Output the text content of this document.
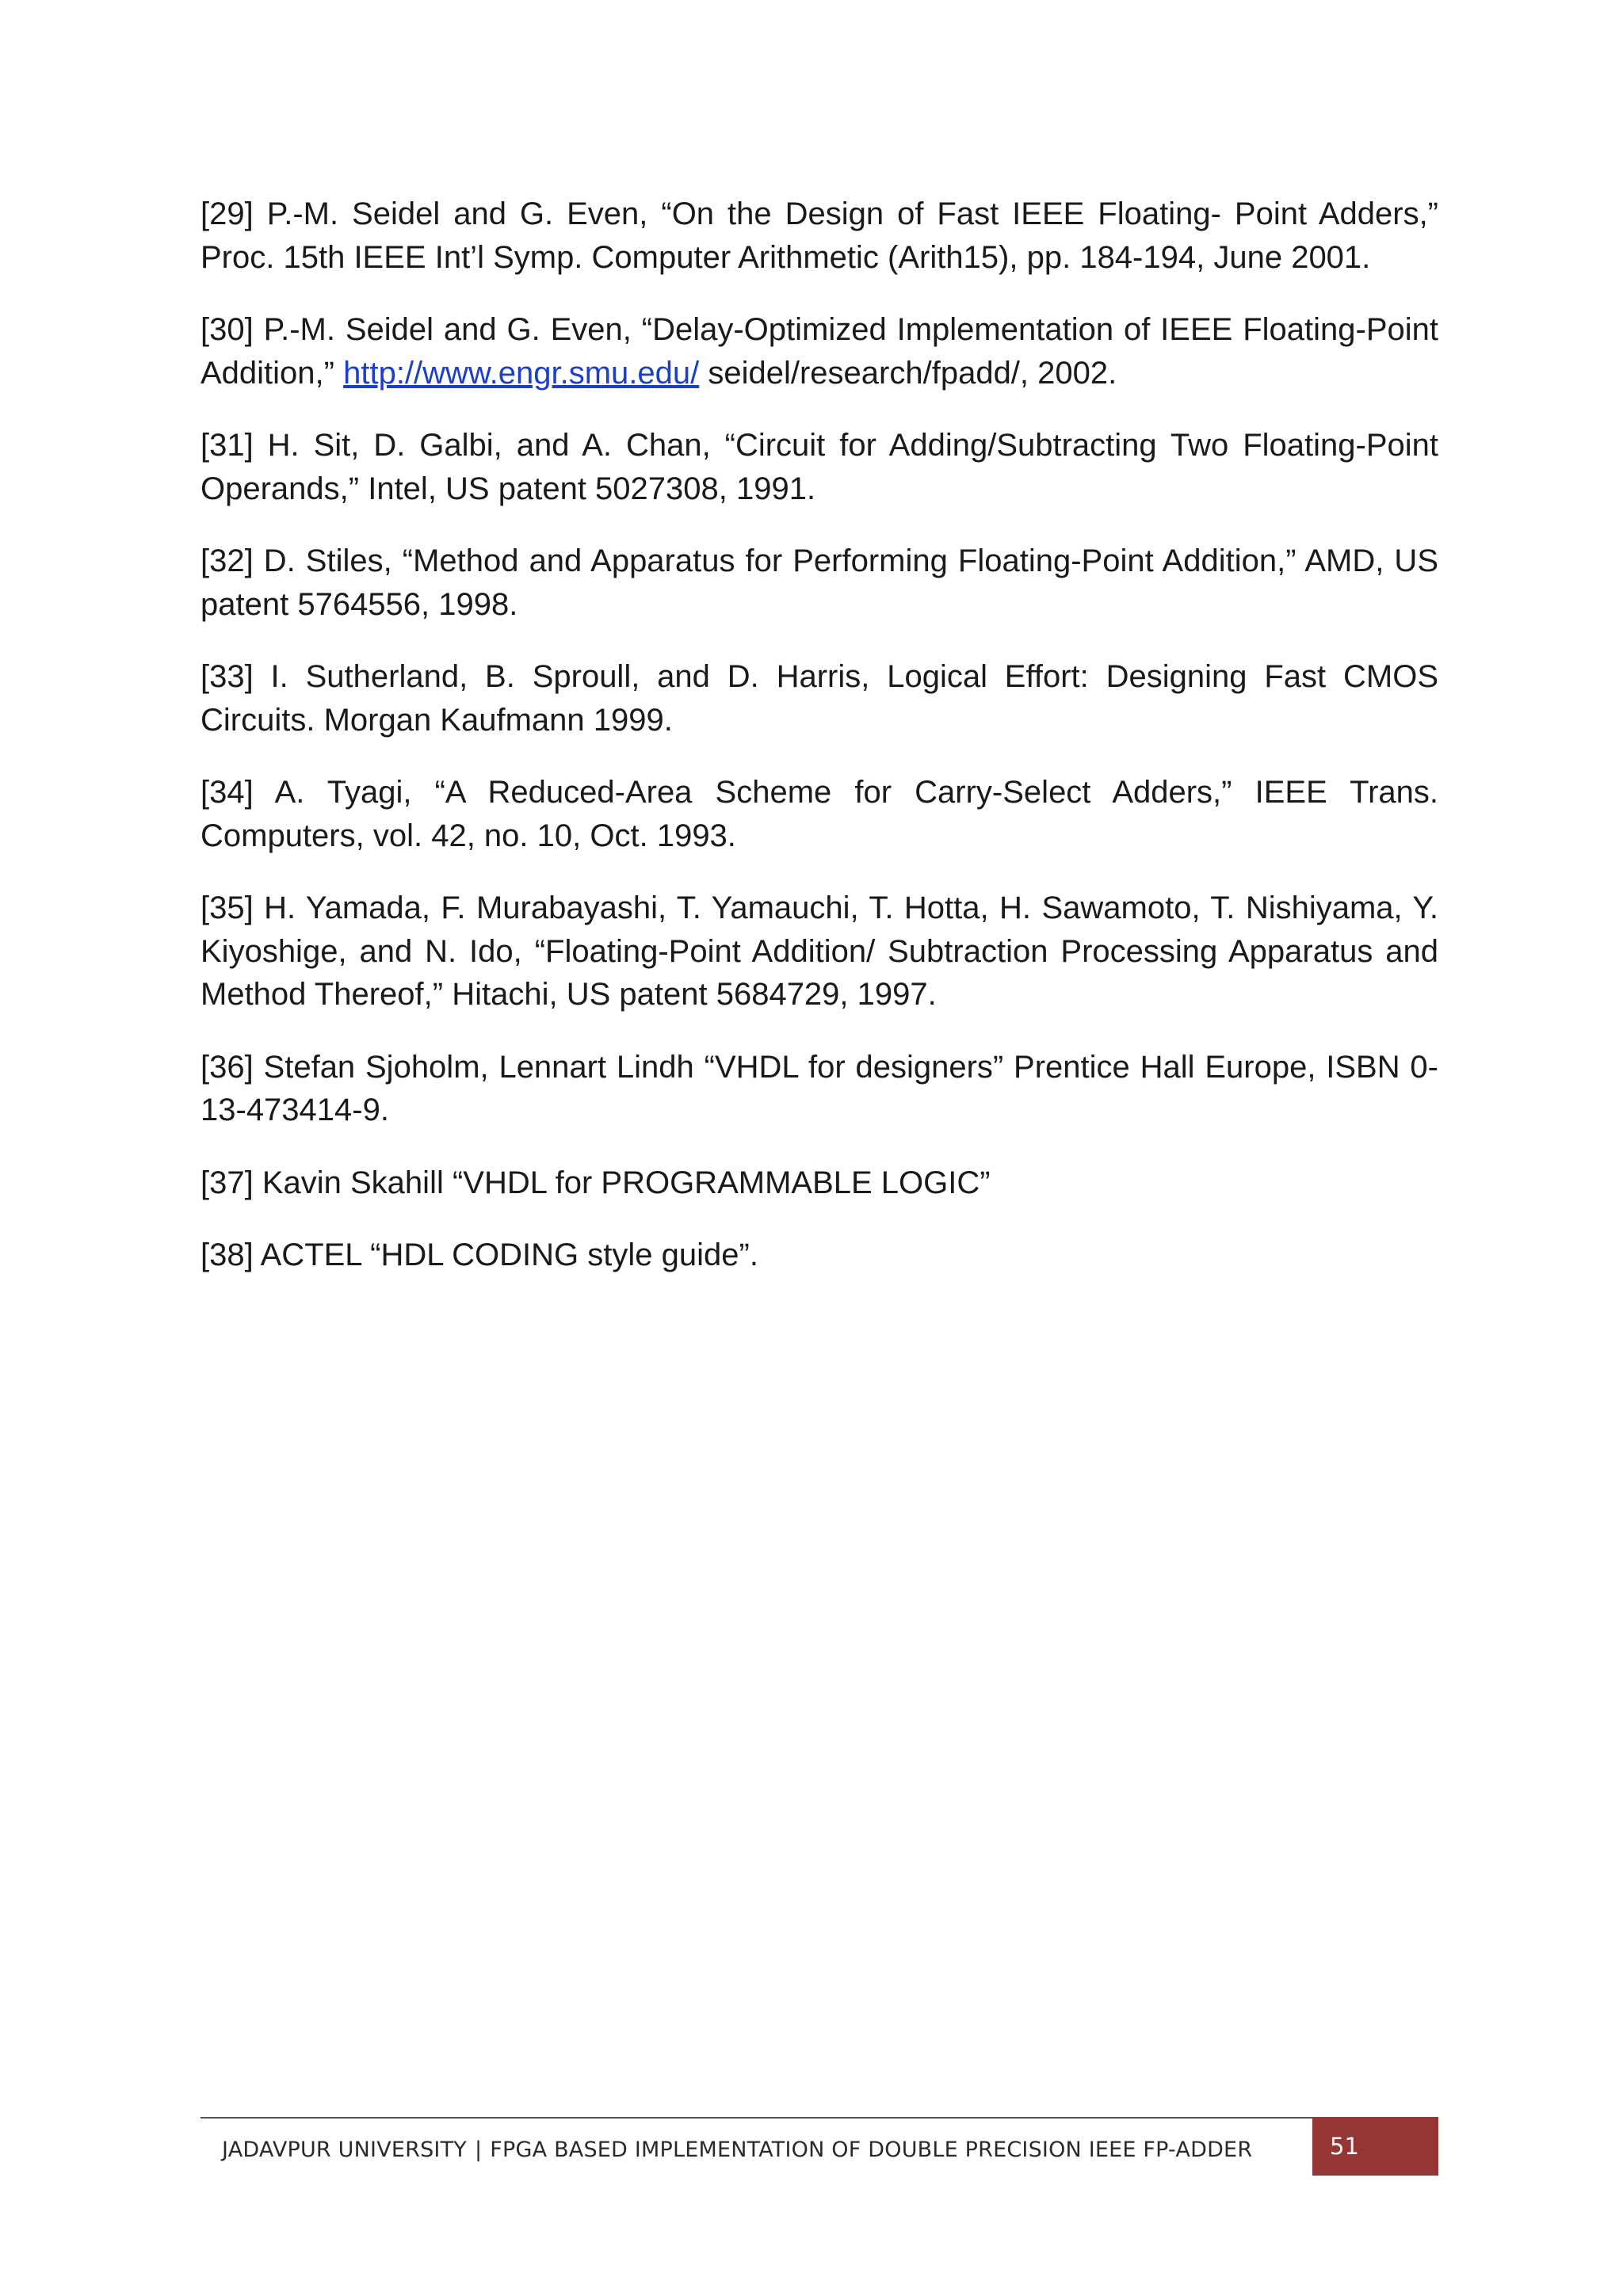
[29] P.-M. Seidel and G. Even, “On the Design of Fast IEEE Floating- Point Adders,” Proc. 15th IEEE Int’l Symp. Computer Arithmetic (Arith15), pp. 184-194, June 2001.

[30] P.-M. Seidel and G. Even, “Delay-Optimized Implementation of IEEE Floating-Point Addition,” http://www.engr.smu.edu/ seidel/research/fpadd/, 2002.

[31] H. Sit, D. Galbi, and A. Chan, “Circuit for Adding/Subtracting Two Floating-Point Operands,” Intel, US patent 5027308, 1991.

[32] D. Stiles, “Method and Apparatus for Performing Floating-Point Addition,” AMD, US patent 5764556, 1998.

[33] I. Sutherland, B. Sproull, and D. Harris, Logical Effort: Designing Fast CMOS Circuits. Morgan Kaufmann 1999.

[34] A. Tyagi, “A Reduced-Area Scheme for Carry-Select Adders,” IEEE Trans. Computers, vol. 42, no. 10, Oct. 1993.

[35] H. Yamada, F. Murabayashi, T. Yamauchi, T. Hotta, H. Sawamoto, T. Nishiyama, Y. Kiyoshige, and N. Ido, “Floating-Point Addition/ Subtraction Processing Apparatus and Method Thereof,” Hitachi, US patent 5684729, 1997.

[36] Stefan Sjoholm, Lennart Lindh “VHDL for designers” Prentice Hall Europe, ISBN 0-13-473414-9.

[37] Kavin Skahill “VHDL for PROGRAMMABLE LOGIC”

[38] ACTEL “HDL CODING style guide”.

JADAVPUR UNIVERSITY | FPGA BASED IMPLEMENTATION OF DOUBLE PRECISION IEEE FP-ADDER	51
